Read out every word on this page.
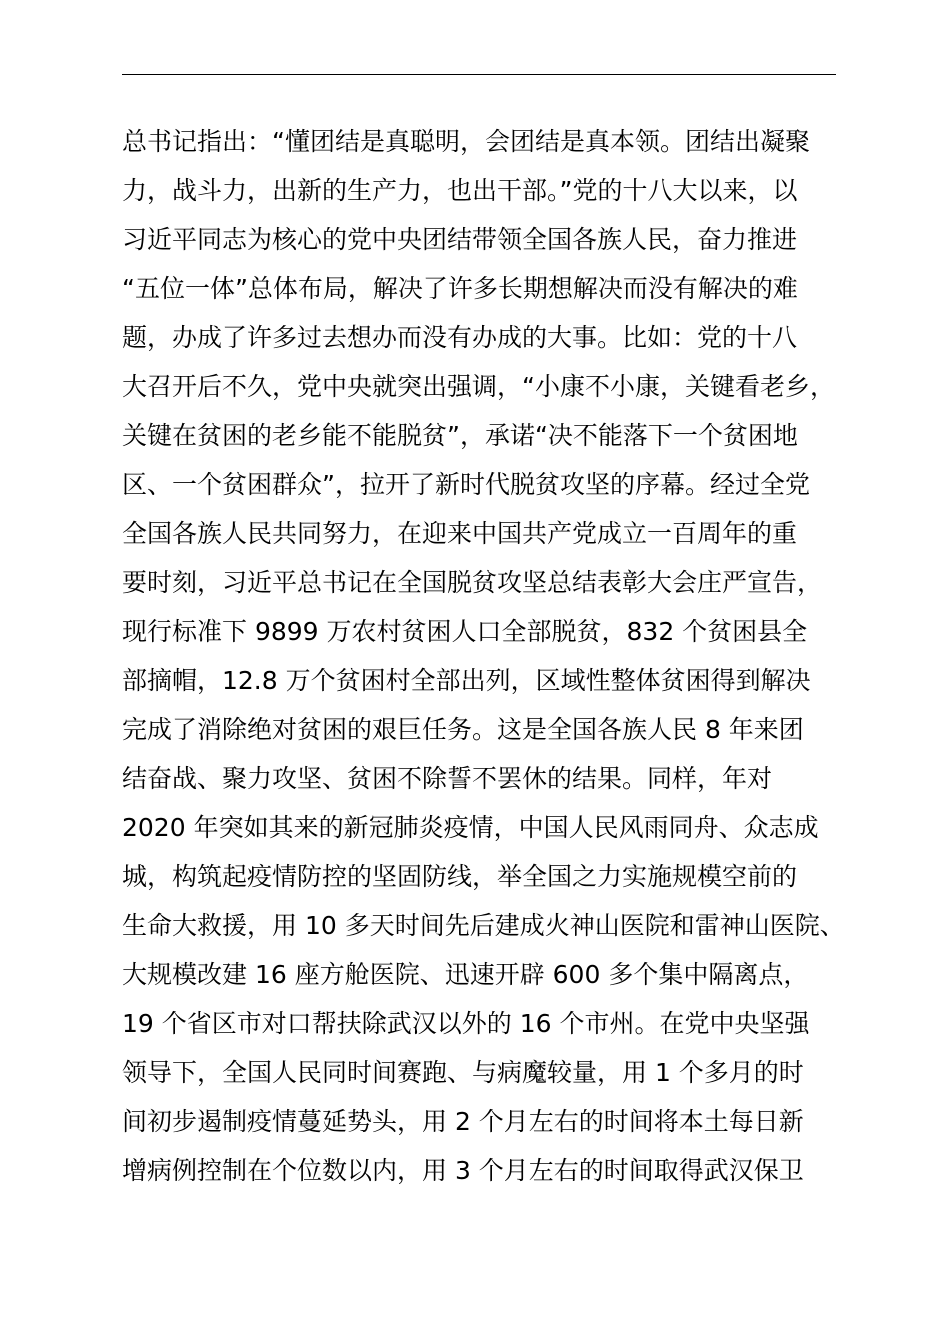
总书记指出：“懂团结是真聪明，会团结是真本领。团结出凝聚
力，战斗力，出新的生产力，也出干部。”党的十八大以来，以
习近平同志为核心的党中央团结带领全国各族人民，奋力推进
“五位一体”总体布局，解决了许多长期想解决而没有解决的难
题，办成了许多过去想办而没有办成的大事。比如：党的十八
大召开后不久，党中央就突出强调，“小康不小康，关键看老乡，
关键在贫困的老乡能不能脱贫”，承诺“决不能落下一个贫困地
区、一个贫困群众”，拉开了新时代脱贫攻坚的序幕。经过全党
全国各族人民共同努力，在迎来中国共产党成立一百周年的重
要时刻，习近平总书记在全国脱贫攻坚总结表彰大会庄严宣告，
现行标准下 9899 万农村贫困人口全部脱贫，832 个贫困县全
部摘帽，12.8 万个贫困村全部出列，区域性整体贫困得到解决
完成了消除绝对贫困的艰巨任务。这是全国各族人民 8 年来团
结奋战、聚力攻坚、贫困不除誓不罢休的结果。同样，年对
2020 年突如其来的新冠肺炎疫情，中国人民风雨同舟、众志成
城，构筑起疫情防控的坚固防线，举全国之力实施规模空前的
生命大救援，用 10 多天时间先后建成火神山医院和雷神山医院、
大规模改建 16 座方舱医院、迅速开辟 600 多个集中隔离点，
19 个省区市对口帮扶除武汉以外的 16 个市州。在党中央坚强
领导下，全国人民同时间赛跑、与病魔较量，用 1 个多月的时
间初步遏制疫情蔓延势头，用 2 个月左右的时间将本土每日新
增病例控制在个位数以内，用 3 个月左右的时间取得武汉保卫
